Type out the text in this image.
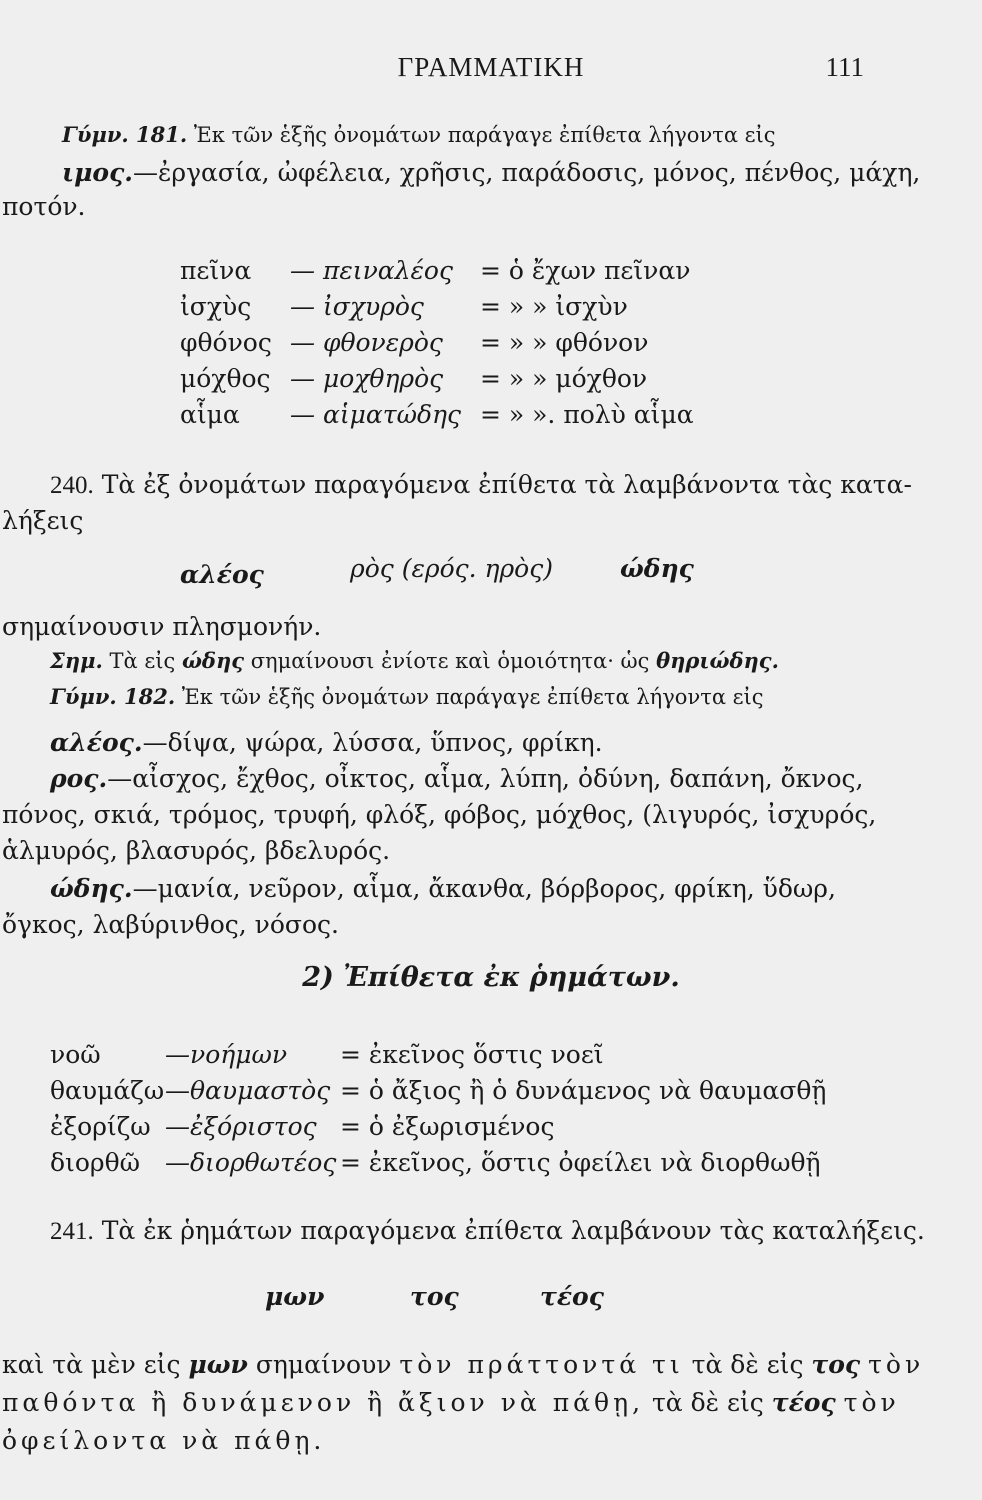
ΓΡΑΜΜΑΤΙΚΗ	111
Γύμν. 181. Ἐκ τῶν ἑξῆς ὀνομάτων παράγαγε ἐπίθετα λήγοντα εἰς
ιμος.—ἐργασία, ὠφέλεια, χρῆσις, παράδοσις, μόνος, πένθος, μάχη,
ποτόν.
πεῖνα — πειναλέος = ὁ ἔχων πεῖναν
ἰσχὺς — ἰσχυρὸς = » » ἰσχὺν
φθόνος — φθονερὸς = » » φθόνον
μόχθος — μοχθηρὸς = » » μόχθον
αἷμα — αἱματώδης = » ». πολὺ αἷμα
240. Τὰ ἐξ ὀνομάτων παραγόμενα ἐπίθετα τὰ λαμβάνοντα τὰς κατα-
λήξεις
αλέος	ρὸς (ερός. ηρὸς)	ώδης
σημαίνουσιν πλησμονήν.
Σημ. Τὰ εἰς ώδης σημαίνουσι ἐνίοτε καὶ ὁμοιότητα· ὡς θηριώδης.
Γύμν. 182. Ἐκ τῶν ἑξῆς ὀνομάτων παράγαγε ἐπίθετα λήγοντα εἰς
αλέος.—δίψα, ψώρα, λύσσα, ὕπνος, φρίκη.
ρος.—αἶσχος, ἔχθος, οἶκτος, αἷμα, λύπη, ὀδύνη, δαπάνη, ὄκνος,
πόνος, σκιά, τρόμος, τρυφή, φλόξ, φόβος, μόχθος, (λιγυρός, ἰσχυρός,
ἁλμυρός, βλασυρός, βδελυρός.
ώδης.—μανία, νεῦρον, αἷμα, ἄκανθα, βόρβορος, φρίκη, ὕδωρ,
ὄγκος, λαβύρινθος, νόσος.
2) Ἐπίθετα ἐκ ῥημάτων.
νοῶ	—νοήμων = ἐκεῖνος ὅστις νοεῖ
θαυμάζω —θαυμαστὸς = ὁ ἄξιος ἢ ὁ δυνάμενος νὰ θαυμασθῇ
ἐξορίζω —ἐξόριστος = ὁ ἐξωρισμένος
διορθῶ —διορθωτέος = ἐκεῖνος, ὅστις ὀφείλει νὰ διορθωθῇ
241. Τὰ ἐκ ῥημάτων παραγόμενα ἐπίθετα λαμβάνουν τὰς καταλήξεις.
μων	τος	τέος
καὶ τὰ μὲν εἰς μων σημαίνουν τὸν πράττοντά τι τὰ δὲ εἰς τος τὸν
παθόντα ἢ δυνάμενον ἢ ἄξιον νὰ πάθῃ, τὰ δὲ εἰς τέος τὸν
ὀφείλοντα νὰ πάθῃ.
